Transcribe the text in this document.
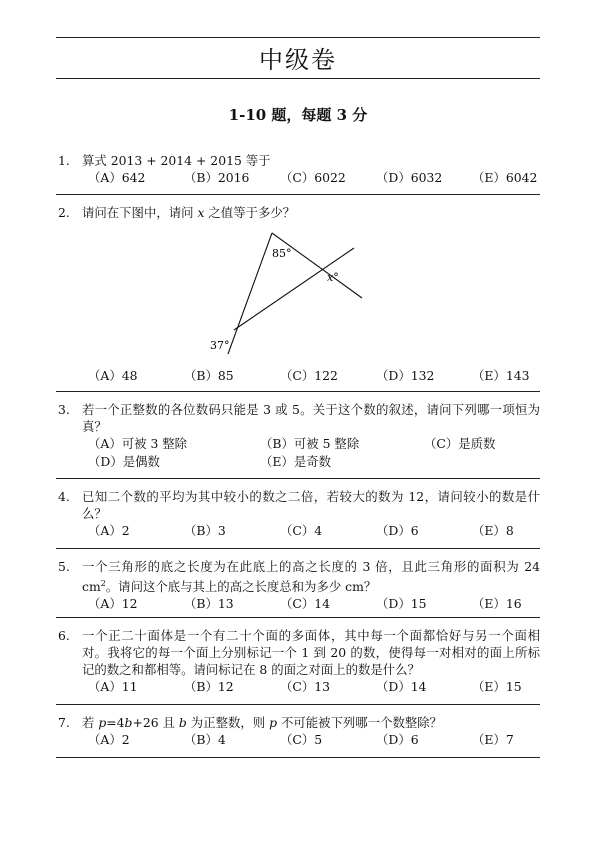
中级卷
1-10 题，每题 3 分
1. 算式 2013 + 2014 + 2015 等于
（A）642	（B）2016 （C）6022 （D）6032 （E）6042
2. 请问在下图中，请问 x 之值等于多少？
85°
x°
37°
（A）48	（B）85	（C）122	（D）132	（E）143
3. 若一个正整数的各位数码只能是 3 或 5。关于这个数的叙述，请问下列哪一项恒为真？
（A）可被 3 整除	（B）可被 5 整除	（C）是质数
（D）是偶数	（E）是奇数
4. 已知二个数的平均为其中较小的数之二倍，若较大的数为 12，请问较小的数是什么？
（A）2	（B）3	（C）4	（D）6	（E）8
5. 一个三角形的底之长度为在此底上的高之长度的 3 倍，且此三角形的面积为 24 $cm^2$。请问这个底与其上的高之长度总和为多少 cm？
（A）12	（B）13	（C）14	（D）15	（E）16
6. 一个正二十面体是一个有二十个面的多面体，其中每一个面都恰好与另一个面相对。我将它的每一个面上分别标记一个 1 到 20 的数，使得每一对相对的面上所标记的数之和都相等。请问标记在 8 的面之对面上的数是什么？
（A）11	（B）12	（C）13	（D）14	（E）15
7. 若 p=4b+26 且 b 为正整数，则 p 不可能被下列哪一个数整除？
（A）2	（B）4	（C）5	（D）6	（E）7
